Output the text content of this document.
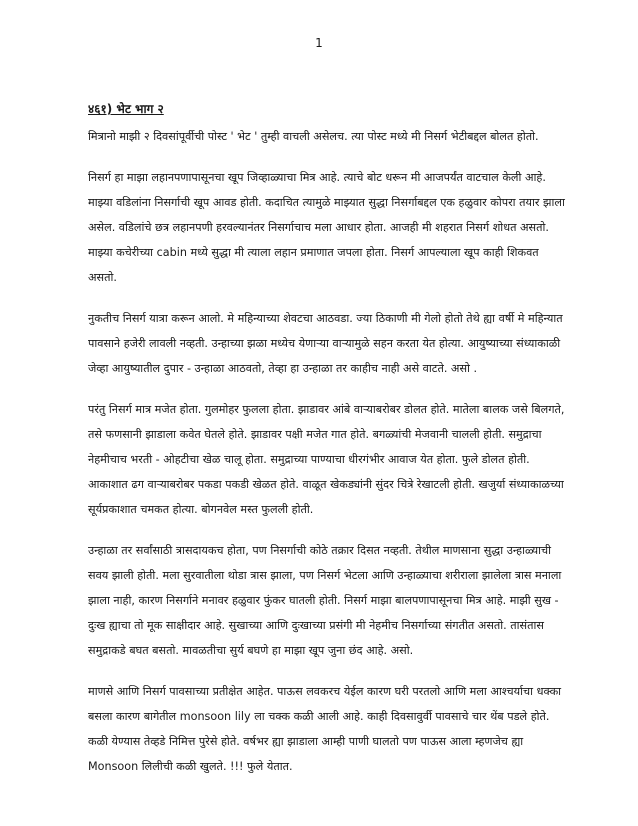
1
४६१) भेट भाग २

मित्रानो माझी २ दिवसांपूर्वीची पोस्ट ' भेट ' तुम्ही वाचली असेलच. त्या पोस्ट मध्ये मी निसर्ग भेटीबद्दल बोलत होतो.

निसर्ग हा माझा लहानपणापासूनचा खूप जिव्हाळ्याचा मित्र आहे. त्याचे बोट धरून मी आजपर्यंत वाटचाल केली आहे. माझ्या वडिलांना निसर्गाची खूप आवड होती. कदाचित त्यामुळे माझ्यात सुद्धा निसर्गाबद्दल एक हळुवार कोपरा तयार झाला असेल. वडिलांचे छत्र लहानपणी हरवल्यानंतर निसर्गाचाच मला आधार होता. आजही मी शहरात निसर्ग शोधत असतो. माझ्या कचेरीच्या cabin मध्ये सुद्धा मी त्याला लहान प्रमाणात जपला होता. निसर्ग आपल्याला खूप काही शिकवत असतो.

नुकतीच निसर्ग यात्रा करून आलो. मे महिन्याच्या शेवटचा आठवडा. ज्या ठिकाणी मी गेलो होतो तेथे ह्या वर्षी मे महिन्यात पावसाने हजेरी लावली नव्हती. उन्हाच्या झळा मध्येच येणाऱ्या वाऱ्यामुळे सहन करता येत होत्या. आयुष्याच्या संध्याकाळी जेव्हा आयुष्यातील दुपार - उन्हाळा आठवतो, तेव्हा हा उन्हाळा तर काहीच नाही असे वाटते. असो .

परंतु निसर्ग मात्र मजेत होता. गुलमोहर फुलला होता. झाडावर आंबे वाऱ्याबरोबर डोलत होते. मातेला बालक जसे बिलगते, तसे फणसानी झाडाला कवेत घेतले होते. झाडावर पक्षी मजेत गात होते. बगळ्यांची मेजवानी चालली होती. समुद्राचा नेहमीचाच भरती - ओहटीचा खेळ चालू होता. समुद्राच्या पाण्याचा धीरगंभीर आवाज येत होता. फुले डोलत होती. आकाशात ढग वाऱ्याबरोबर पकडा पकडी खेळत होते. वाळूत खेकड्यांनी सुंदर चित्रे रेखाटली होती. खजुर्या संध्याकाळच्या सूर्यप्रकाशात चमकत होत्या. बोगनवेल मस्त फुलली होती.

उन्हाळा तर सर्वांसाठी त्रासदायकच होता, पण निसर्गाची कोठे तक्रार दिसत नव्हती. तेथील माणसाना सुद्धा उन्हाळ्याची सवय झाली होती. मला सुरवातीला थोडा त्रास झाला, पण निसर्ग भेटला आणि उन्हाळ्याचा शरीराला झालेला त्रास मनाला झाला नाही, कारण निसर्गाने मनावर हळुवार फुंकर घातली होती. निसर्ग माझा बालपणापासूनचा मित्र आहे. माझी सुख - दुःख ह्याचा तो मूक साक्षीदार आहे. सुखाच्या आणि दुःखाच्या प्रसंगी मी नेहमीच निसर्गाच्या संगतीत असतो. तासंतास समुद्राकडे बघत बसतो. मावळतीचा सुर्य बघणे हा माझा खूप जुना छंद आहे. असो.

माणसे आणि निसर्ग पावसाच्या प्रतीक्षेत आहेत. पाऊस लवकरच येईल कारण घरी परतलो आणि मला आश्चर्याचा धक्का बसला कारण बागेतील monsoon lily ला चक्क कळी आली आहे. काही दिवसावुर्वी पावसाचे चार थेंब पडले होते. कळी येण्यास तेव्हडे निमित्त पुरेसे होते. वर्षभर ह्या झाडाला आम्ही पाणी घालतो पण पाऊस आला म्हणजेच ह्या Monsoon लिलीची कळी खुलते. !!! फुले येतात.
